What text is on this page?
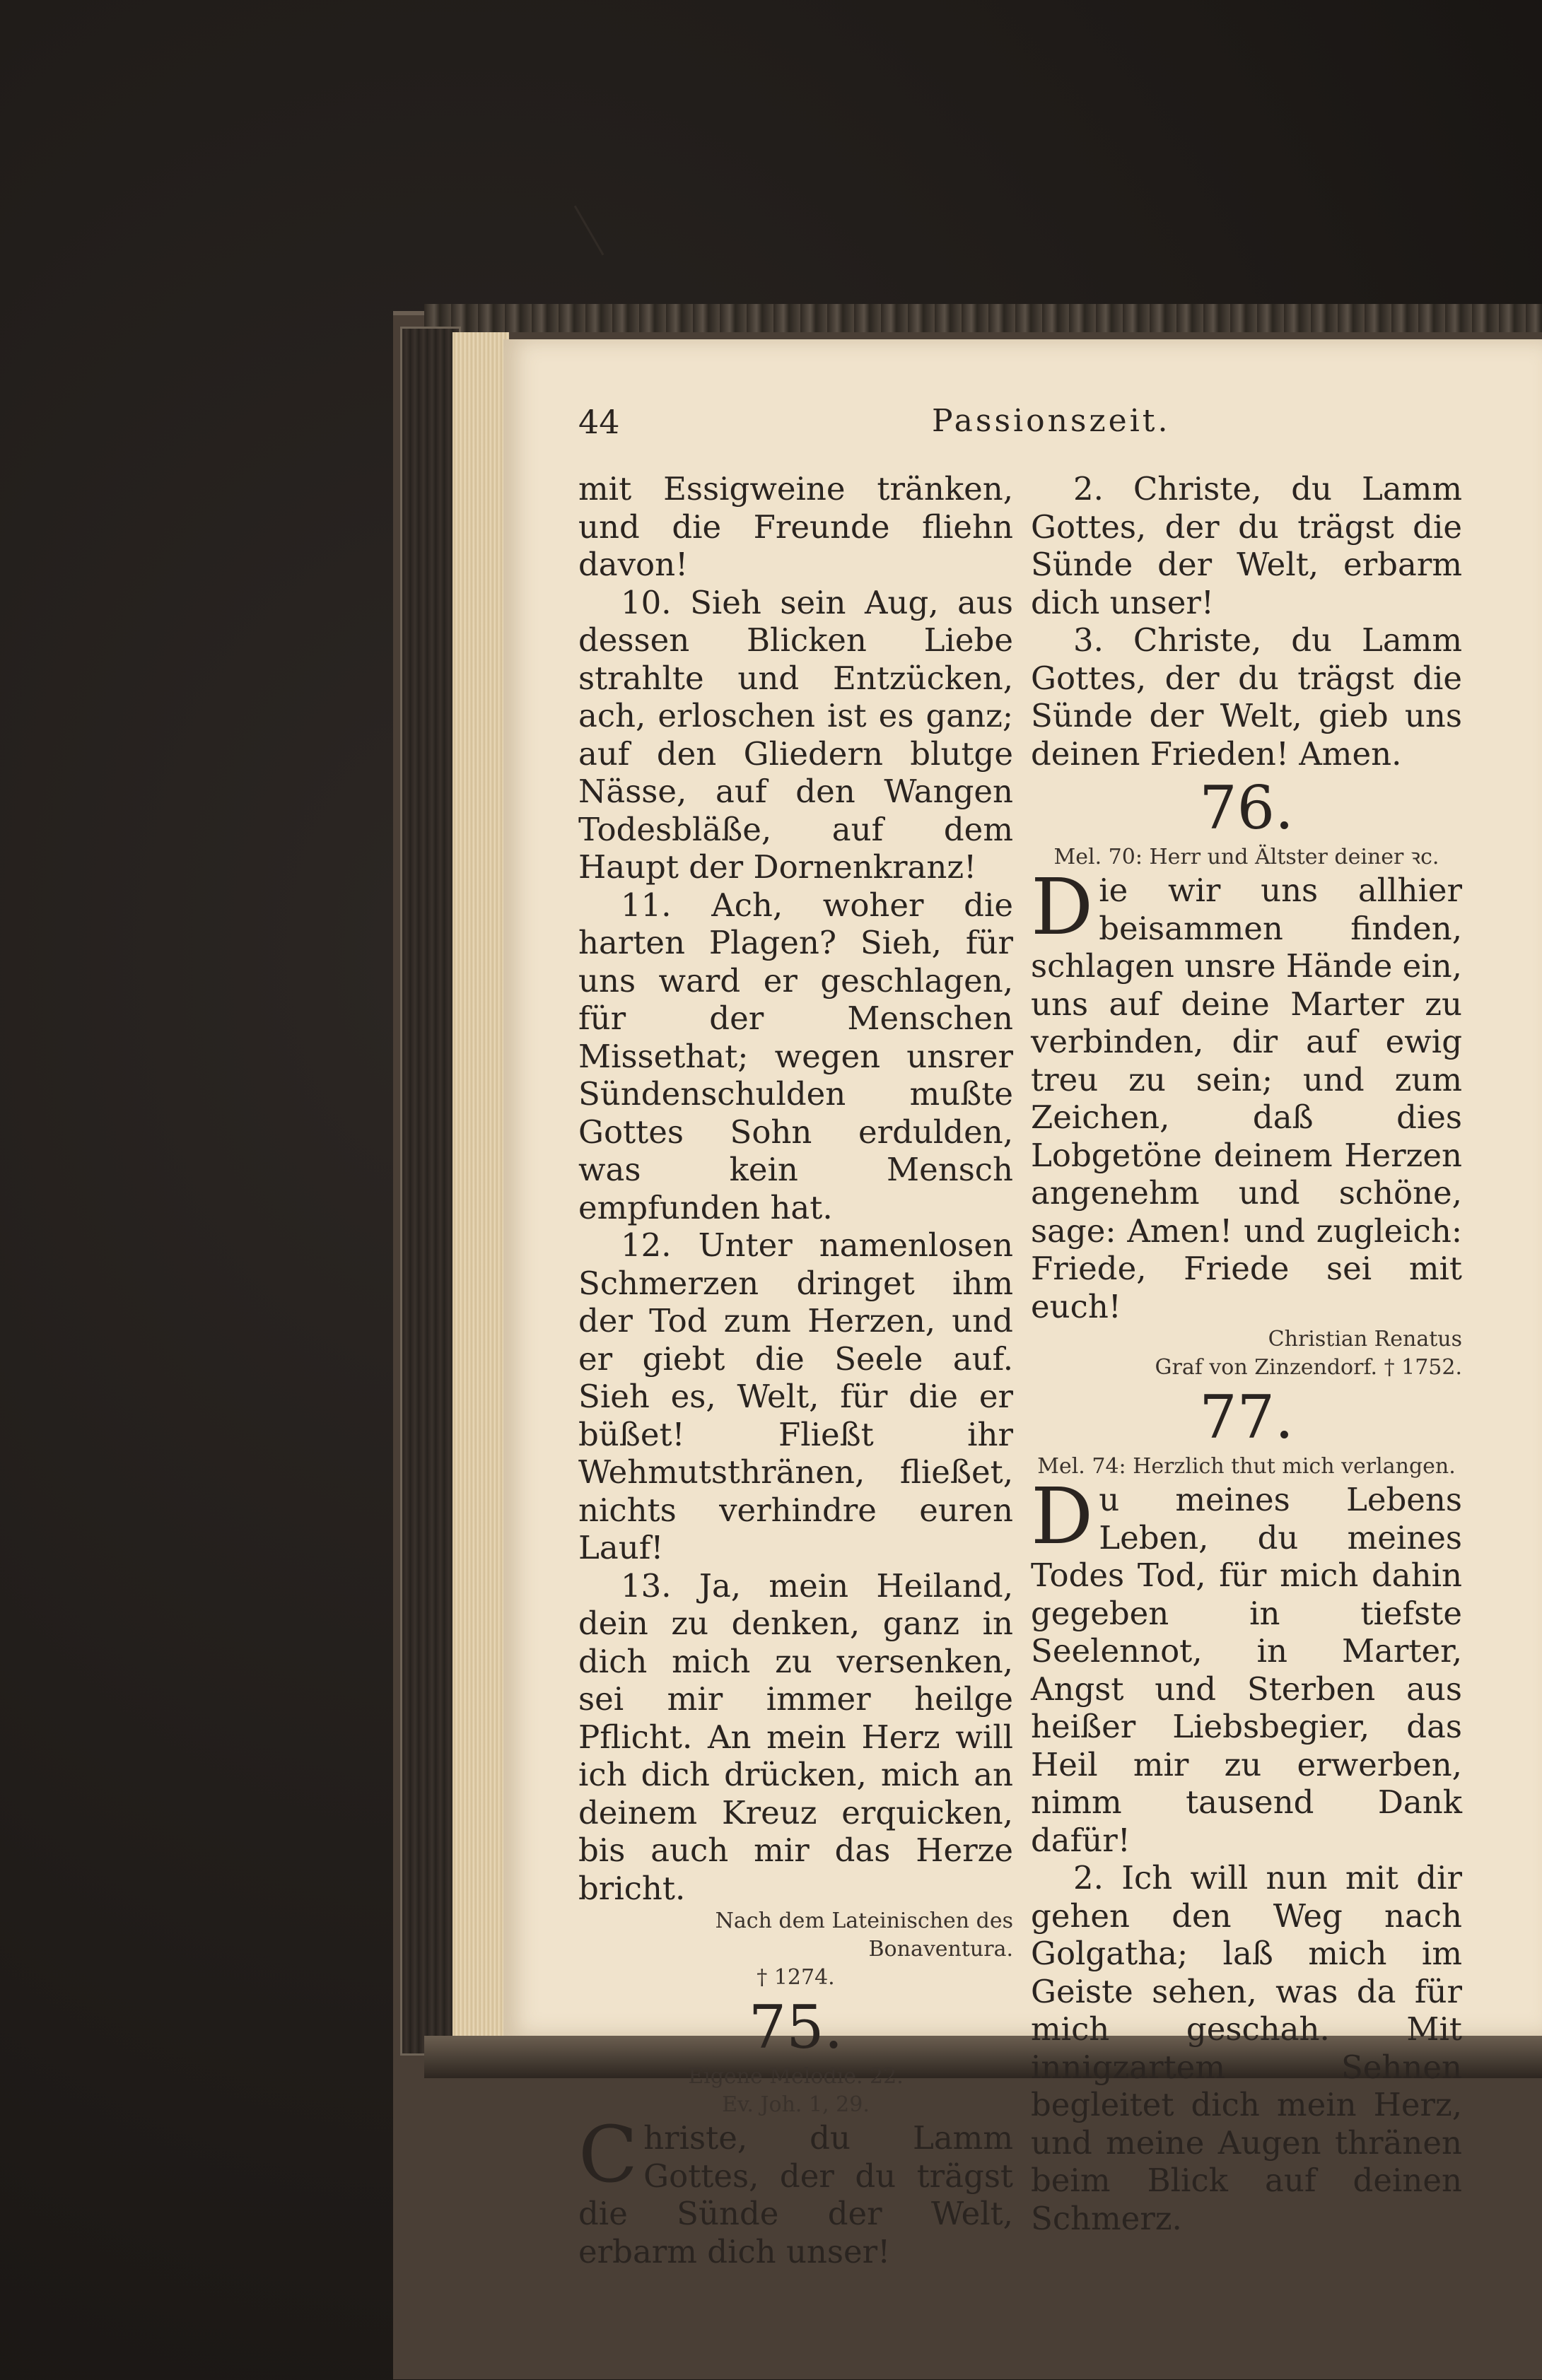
44	Passionszeit.

mit Essigweine tränken, und die Freunde fliehn davon!

10. Sieh sein Aug, aus dessen Blicken Liebe strahlte und Entzücken, ach, erloschen ist es ganz; auf den Gliedern blutge Nässe, auf den Wangen Todesbläße, auf dem Haupt der Dornenkranz!

11. Ach, woher die harten Plagen? Sieh, für uns ward er geschlagen, für der Menschen Missethat; wegen unsrer Sündenschulden mußte Gottes Sohn erdulden, was kein Mensch empfunden hat.

12. Unter namenlosen Schmerzen dringet ihm der Tod zum Herzen, und er giebt die Seele auf. Sieh es, Welt, für die er büßet! Fließt ihr Wehmutsthränen, fließet, nichts verhindre euren Lauf!

13. Ja, mein Heiland, dein zu denken, ganz in dich mich zu versenken, sei mir immer heilge Pflicht. An mein Herz will ich dich drücken, mich an deinem Kreuz erquicken, bis auch mir das Herze bricht.

Nach dem Lateinischen des Bonaventura.

† 1274.

75.

Eigene Melodie. 22.

Ev. Joh. 1, 29.

Christe, du Lamm Gottes, der du trägst die Sünde der Welt, erbarm dich unser!

2. Christe, du Lamm Gottes, der du trägst die Sünde der Welt, erbarm dich unser!

3. Christe, du Lamm Gottes, der du trägst die Sünde der Welt, gieb uns deinen Frieden! Amen.

76.

Mel. 70: Herr und Ältster deiner ꝛc.

Die wir uns allhier beisammen finden, schlagen unsre Hände ein, uns auf deine Marter zu verbinden, dir auf ewig treu zu sein; und zum Zeichen, daß dies Lobgetöne deinem Herzen angenehm und schöne, sage: Amen! und zugleich: Friede, Friede sei mit euch!

Christian Renatus

Graf von Zinzendorf. † 1752.

77.

Mel. 74: Herzlich thut mich verlangen.

Du meines Lebens Leben, du meines Todes Tod, für mich dahin gegeben in tiefste Seelennot, in Marter, Angst und Sterben aus heißer Liebsbegier, das Heil mir zu erwerben, nimm tausend Dank dafür!

2. Ich will nun mit dir gehen den Weg nach Golgatha; laß mich im Geiste sehen, was da für mich geschah. Mit innigzartem Sehnen begleitet dich mein Herz, und meine Augen thränen beim Blick auf deinen Schmerz.
